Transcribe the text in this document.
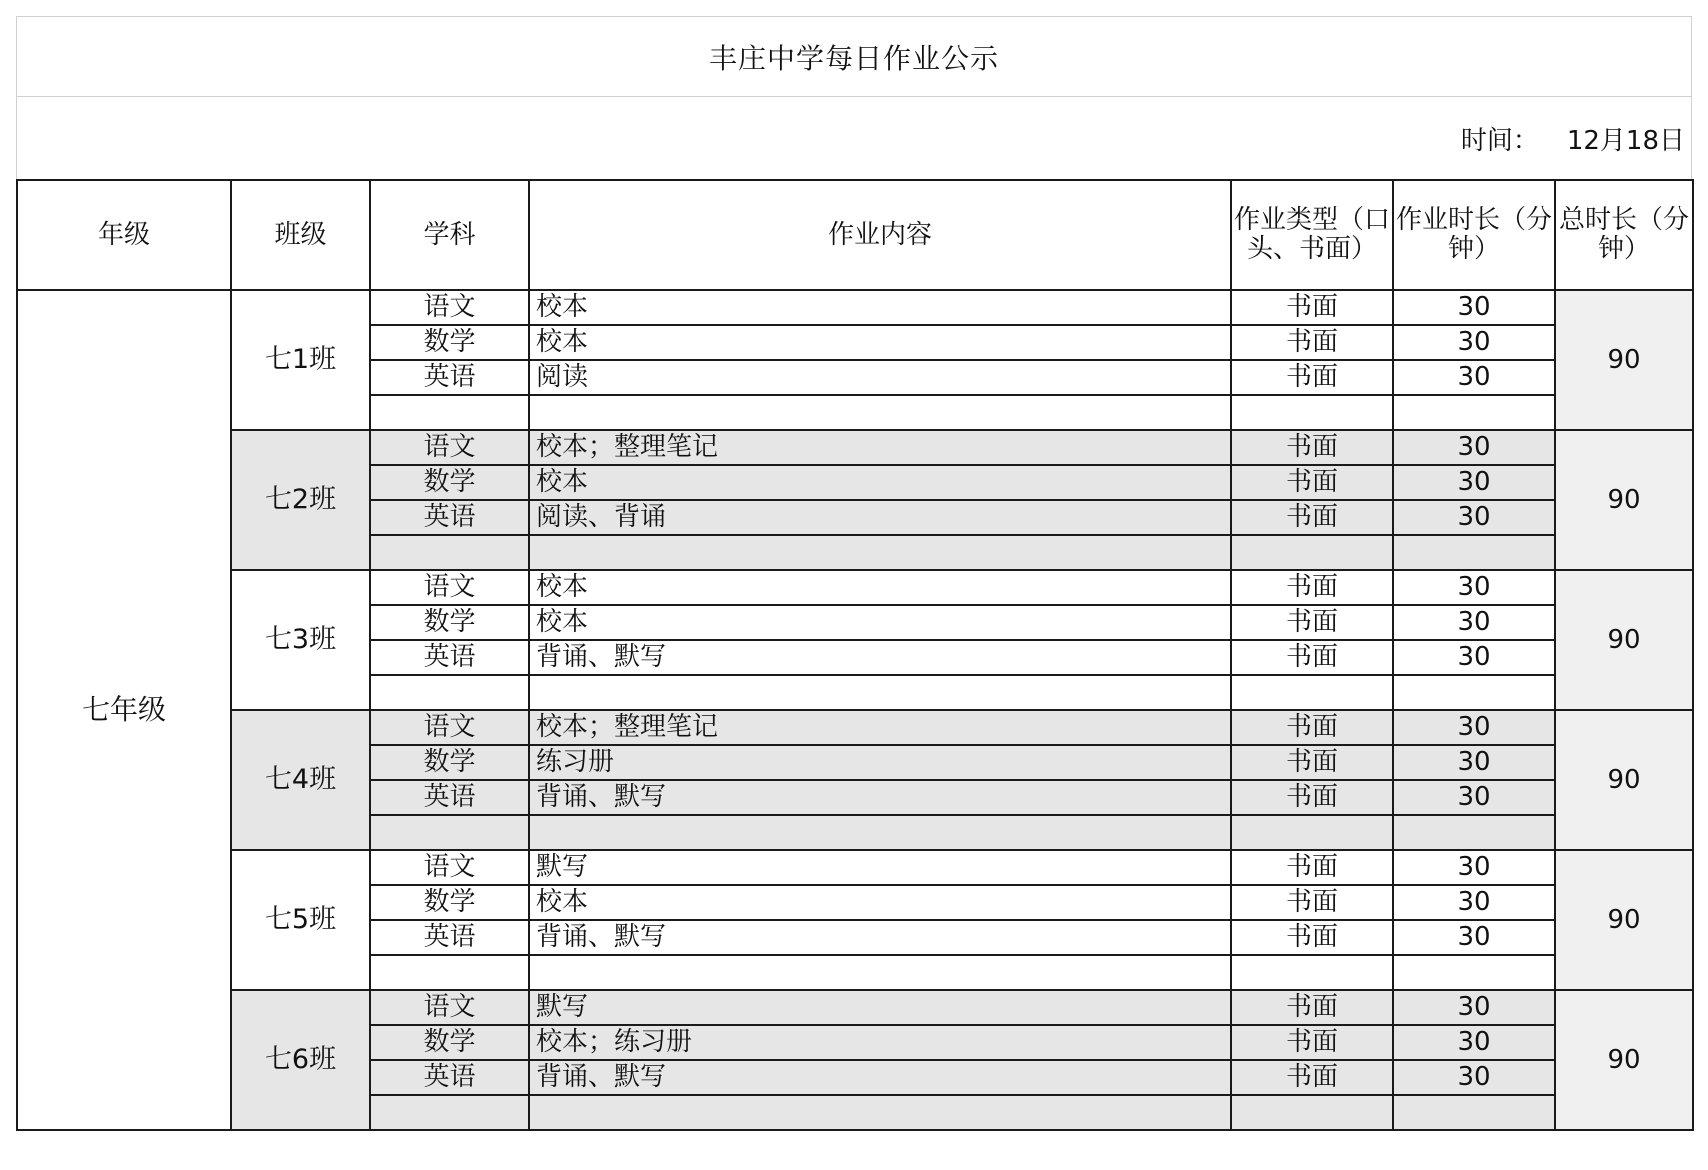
丰庄中学每日作业公示
时间： 12月18日
年级	班级	学科	作业内容	作业类型（口头、书面）	作业时长（分钟）	总时长（分钟）
七年级	七1班	语文	校本	书面	30	90
		数学	校本	书面	30	
		英语	阅读	书面	30	

	七2班	语文	校本；整理笔记	书面	30	90
		数学	校本	书面	30	
		英语	阅读、背诵	书面	30	

	七3班	语文	校本	书面	30	90
		数学	校本	书面	30	
		英语	背诵、默写	书面	30	

	七4班	语文	校本；整理笔记	书面	30	90
		数学	练习册	书面	30	
		英语	背诵、默写	书面	30	

	七5班	语文	默写	书面	30	90
		数学	校本	书面	30	
		英语	背诵、默写	书面	30	

	七6班	语文	默写	书面	30	90
		数学	校本；练习册	书面	30	
		英语	背诵、默写	书面	30	
